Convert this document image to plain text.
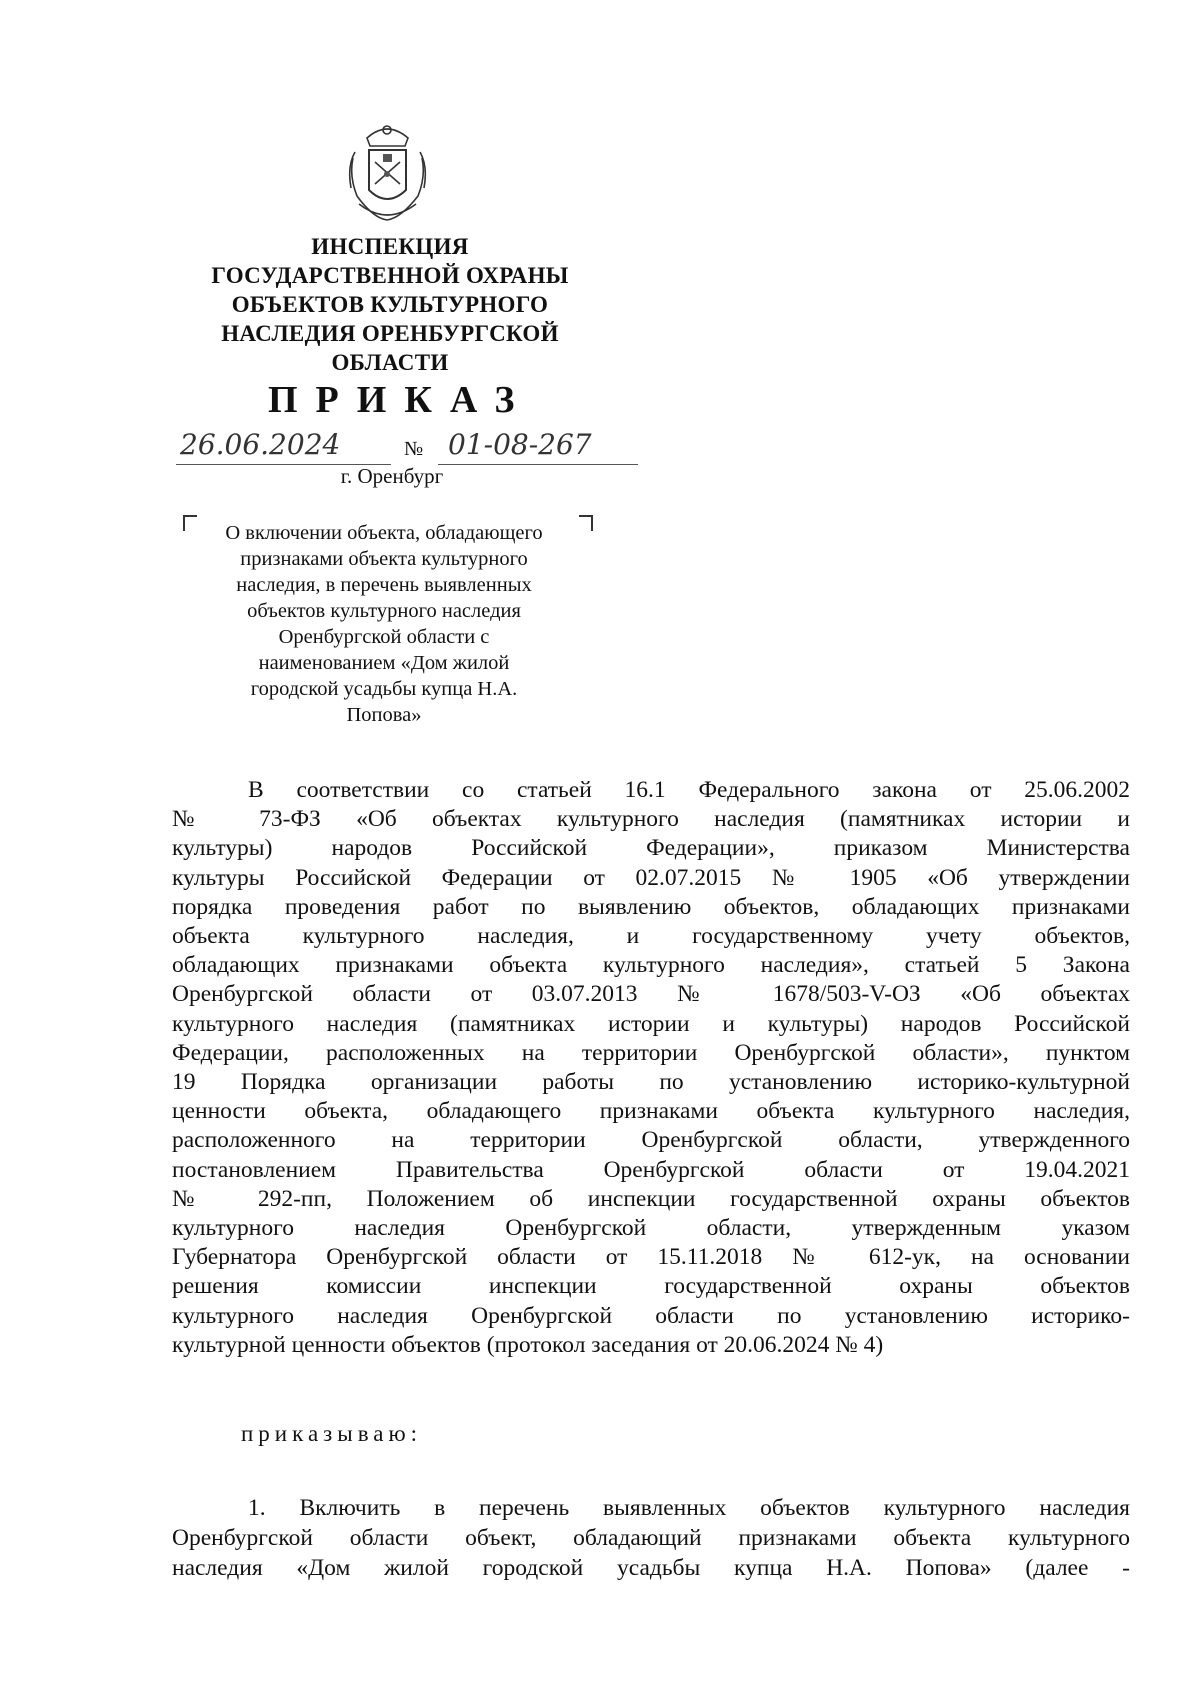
ИНСПЕКЦИЯ
ГОСУДАРСТВЕННОЙ ОХРАНЫ
ОБЪЕКТОВ КУЛЬТУРНОГО
НАСЛЕДИЯ ОРЕНБУРГСКОЙ
ОБЛАСТИ
ПРИКАЗ
26.06.2024	№ 01-08-267
г. Оренбург
О включении объекта, обладающего
признаками объекта культурного
наследия, в перечень выявленных
объектов культурного наследия
Оренбургской области с
наименованием «Дом жилой
городской усадьбы купца Н.А.
Попова»
В соответствии со статьей 16.1 Федерального закона от 25.06.2002
№ 73-ФЗ «Об объектах культурного наследия (памятниках истории и
культуры) народов Российской Федерации», приказом Министерства
культуры Российской Федерации от 02.07.2015 № 1905 «Об утверждении
порядка проведения работ по выявлению объектов, обладающих признаками
объекта культурного наследия, и государственному учету объектов,
обладающих признаками объекта культурного наследия», статьей 5 Закона
Оренбургской области от 03.07.2013 № 1678/503-V-ОЗ «Об объектах
культурного наследия (памятниках истории и культуры) народов Российской
Федерации, расположенных на территории Оренбургской области», пунктом
19 Порядка организации работы по установлению историко-культурной
ценности объекта, обладающего признаками объекта культурного наследия,
расположенного на территории Оренбургской области, утвержденного
постановлением Правительства Оренбургской области от 19.04.2021
№ 292-пп, Положением об инспекции государственной охраны объектов
культурного наследия Оренбургской области, утвержденным указом
Губернатора Оренбургской области от 15.11.2018 № 612-ук, на основании
решения комиссии инспекции государственной охраны объектов
культурного наследия Оренбургской области по установлению историко-
культурной ценности объектов (протокол заседания от 20.06.2024 № 4)
приказываю:
1. Включить в перечень выявленных объектов культурного наследия
Оренбургской области объект, обладающий признаками объекта культурного
наследия «Дом жилой городской усадьбы купца Н.А. Попова» (далее -
